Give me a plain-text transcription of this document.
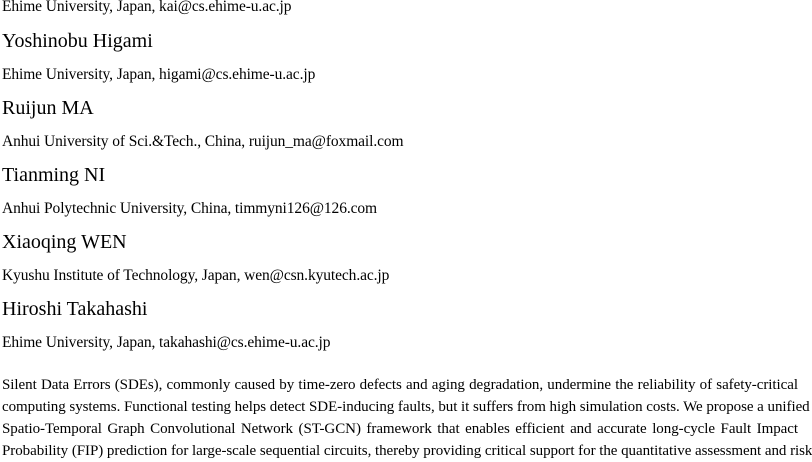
Ehime University, Japan, kai@cs.ehime-u.ac.jp
Yoshinobu Higami
Ehime University, Japan, higami@cs.ehime-u.ac.jp
Ruijun MA
Anhui University of Sci.&Tech., China, ruijun_ma@foxmail.com
Tianming NI
Anhui Polytechnic University, China, timmyni126@126.com
Xiaoqing WEN
Kyushu Institute of Technology, Japan, wen@csn.kyutech.ac.jp
Hiroshi Takahashi
Ehime University, Japan, takahashi@cs.ehime-u.ac.jp
Silent Data Errors (SDEs), commonly caused by time-zero defects and aging degradation, undermine the reliability of safety-critical
computing systems. Functional testing helps detect SDE-inducing faults, but it suffers from high simulation costs. We propose a unified
Spatio-Temporal Graph Convolutional Network (ST-GCN) framework that enables efficient and accurate long-cycle Fault Impact
Probability (FIP) prediction for large-scale sequential circuits, thereby providing critical support for the quantitative assessment and risk
